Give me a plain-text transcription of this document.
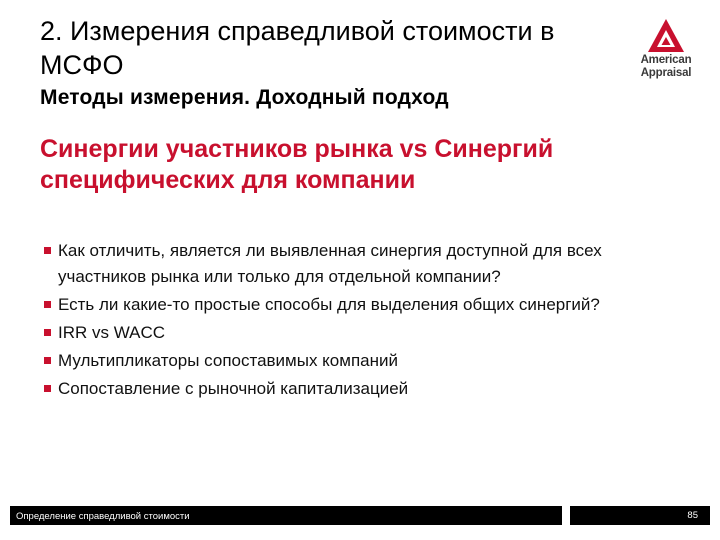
2. Измерения справедливой стоимости в МСФО
Методы измерения. Доходный подход
American
Appraisal
Синергии участников рынка vs Синергий специфических для компании
Как отличить, является ли выявленная синергия доступной для всех участников рынка или только для отдельной компании?
Есть ли какие-то простые способы для выделения общих синергий?
IRR vs WACC
Мультипликаторы сопоставимых компаний
Сопоставление с рыночной капитализацией
Определение справедливой стоимости	85
